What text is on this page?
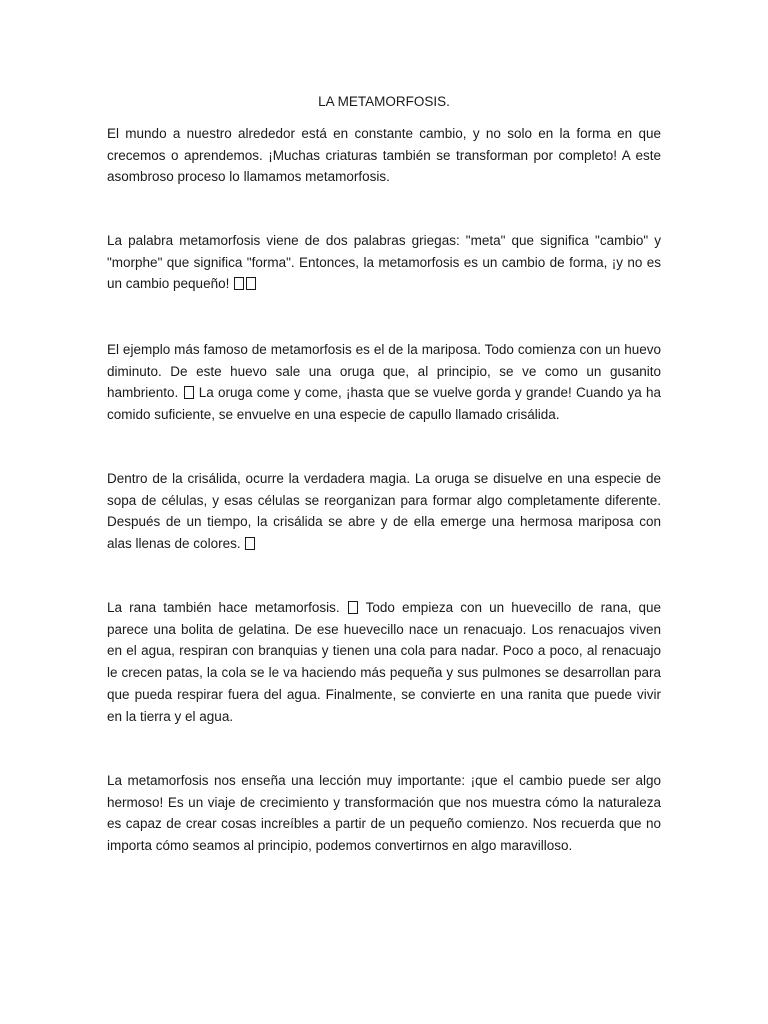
LA METAMORFOSIS.

El mundo a nuestro alrededor está en constante cambio, y no solo en la forma en que crecemos o aprendemos. ¡Muchas criaturas también se transforman por completo! A este asombroso proceso lo llamamos metamorfosis.

La palabra metamorfosis viene de dos palabras griegas: "meta" que significa "cambio" y "morphe" que significa "forma". Entonces, la metamorfosis es un cambio de forma, ¡y no es un cambio pequeño!

El ejemplo más famoso de metamorfosis es el de la mariposa. Todo comienza con un huevo diminuto. De este huevo sale una oruga que, al principio, se ve como un gusanito hambriento.  La oruga come y come, ¡hasta que se vuelve gorda y grande! Cuando ya ha comido suficiente, se envuelve en una especie de capullo llamado crisálida.

Dentro de la crisálida, ocurre la verdadera magia. La oruga se disuelve en una especie de sopa de células, y esas células se reorganizan para formar algo completamente diferente. Después de un tiempo, la crisálida se abre y de ella emerge una hermosa mariposa con alas llenas de colores.

La rana también hace metamorfosis.  Todo empieza con un huevecillo de rana, que parece una bolita de gelatina. De ese huevecillo nace un renacuajo. Los renacuajos viven en el agua, respiran con branquias y tienen una cola para nadar. Poco a poco, al renacuajo le crecen patas, la cola se le va haciendo más pequeña y sus pulmones se desarrollan para que pueda respirar fuera del agua. Finalmente, se convierte en una ranita que puede vivir en la tierra y el agua.

La metamorfosis nos enseña una lección muy importante: ¡que el cambio puede ser algo hermoso! Es un viaje de crecimiento y transformación que nos muestra cómo la naturaleza es capaz de crear cosas increíbles a partir de un pequeño comienzo. Nos recuerda que no importa cómo seamos al principio, podemos convertirnos en algo maravilloso.
